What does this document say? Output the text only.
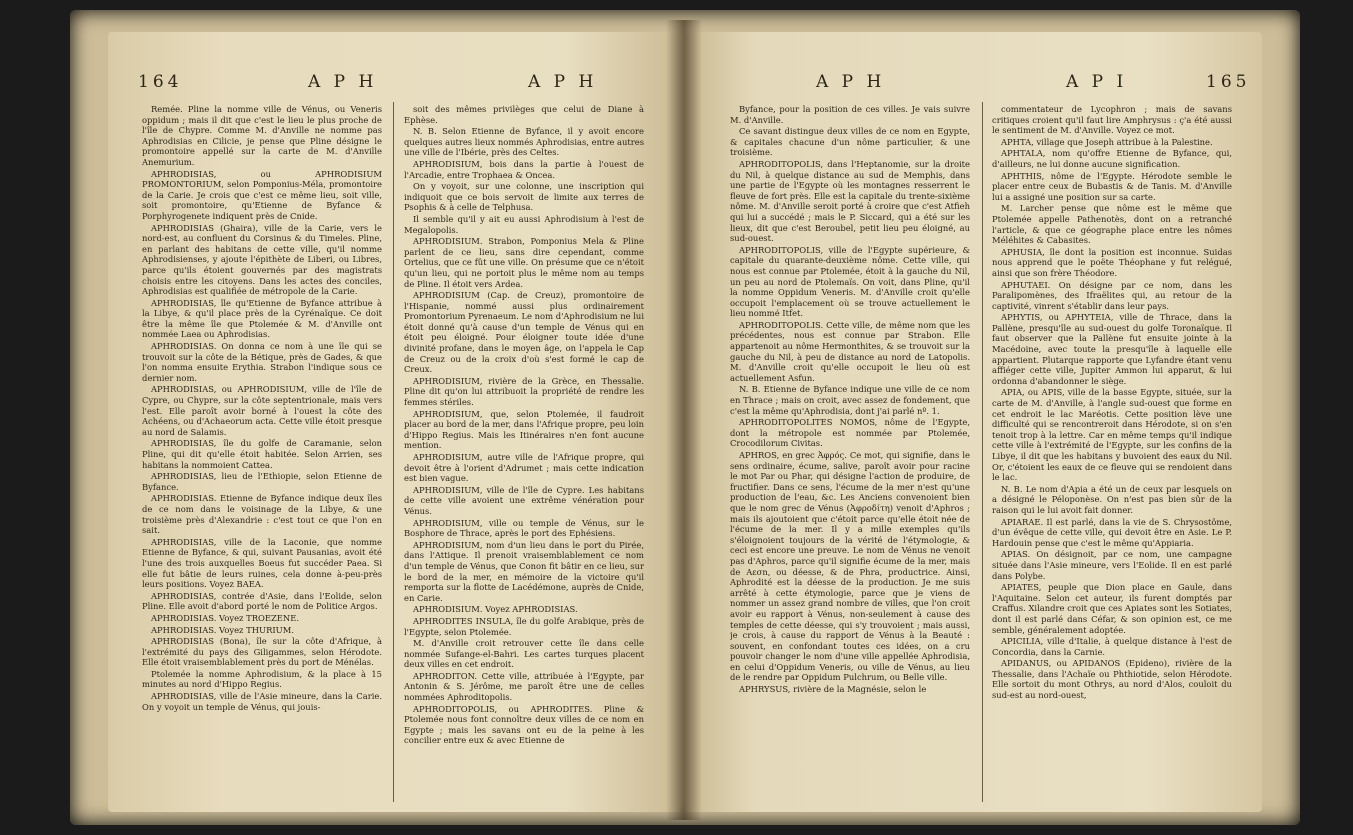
164	A P H	A P H

Remée. Pline la nomme ville de Vénus, ou Veneris oppidum ; mais il dit que c'est le lieu le plus proche de l'île de Chypre. Comme M. d'Anville ne nomme pas Aphrodisias en Cilicie, je pense que Pline désigne le promontoire appellé sur la carte de M. d'Anville Anemurium.

APHRODISIAS, ou APHRODISIUM PROMONTORIUM, selon Pomponius-Méla, promontoire de la Carie. Je crois que c'est ce même lieu, soit ville, soit promontoire, qu'Etienne de Byfance & Porphyrogenete indiquent près de Cnide.

APHRODISIAS (Ghaira), ville de la Carie, vers le nord-est, au confluent du Corsinus & du Timeles. Pline, en parlant des habitans de cette ville, qu'il nomme Aphrodisienses, y ajoute l'épithète de Liberi, ou Libres, parce qu'ils étoient gouvernés par des magistrats choisis entre les citoyens. Dans les actes des conciles, Aphrodisias est qualifiée de métropole de la Carie.

APHRODISIAS, île qu'Etienne de Byfance attribue à la Libye, & qu'il place près de la Cyrénaïque. Ce doit être la même île que Ptolemée & M. d'Anville ont nommée Laea ou Aphrodisias.

APHRODISIAS. On donna ce nom à une île qui se trouvoit sur la côte de la Bétique, près de Gades, & que l'on nomma ensuite Erythia. Strabon l'indique sous ce dernier nom.

APHRODISIAS, ou APHRODISIUM, ville de l'île de Cypre, ou Chypre, sur la côte septentrionale, mais vers l'est. Elle paroît avoir borné à l'ouest la côte des Achéens, ou d'Achaeorum acta. Cette ville étoit presque au nord de Salamis.

APHRODISIAS, île du golfe de Caramanie, selon Pline, qui dit qu'elle étoit habitée. Selon Arrien, ses habitans la nommoient Cattea.

APHRODISIAS, lieu de l'Ethiopie, selon Etienne de Byfance.

APHRODISIAS. Etienne de Byfance indique deux îles de ce nom dans le voisinage de la Libye, & une troisième près d'Alexandrie : c'est tout ce que l'on en sait.

APHRODISIAS, ville de la Laconie, que nomme Etienne de Byfance, & qui, suivant Pausanias, avoit été l'une des trois auxquelles Boeus fut succéder Paea. Si elle fut bâtie de leurs ruines, cela donne à-peu-près leurs positions. Voyez BAEA.

APHRODISIAS, contrée d'Asie, dans l'Eolide, selon Pline. Elle avoit d'abord porté le nom de Politice Argos.

APHRODISIAS. Voyez TROEZENE.

APHRODISIAS. Voyez THURIUM.

APHRODISIAS (Bona), île sur la côte d'Afrique, à l'extrémité du pays des Giligammes, selon Hérodote. Elle étoit vraisemblablement près du port de Ménélas.

Ptolemée la nomme Aphrodisium, & la place à 15 minutes au nord d'Hippo Regius.

APHRODISIAS, ville de l'Asie mineure, dans la Carie. On y voyoit un temple de Vénus, qui jouis-

soit des mêmes privilèges que celui de Diane à Ephèse.

N. B. Selon Etienne de Byfance, il y avoit encore quelques autres lieux nommés Aphrodisias, entre autres une ville de l'Ibérie, près des Celtes.

APHRODISIUM, bois dans la partie à l'ouest de l'Arcadie, entre Trophaea & Oncea.

On y voyoit, sur une colonne, une inscription qui indiquoit que ce bois servoit de limite aux terres de Psophis & à celle de Telphusa.

Il semble qu'il y ait eu aussi Aphrodisium à l'est de Megalopolis.

APHRODISIUM. Strabon, Pomponius Mela & Pline parlent de ce lieu, sans dire cependant, comme Ortelius, que ce fût une ville. On présume que ce n'étoit qu'un lieu, qui ne portoit plus le même nom au temps de Pline. Il étoit vers Ardea.

APHRODISIUM (Cap. de Creuz), promontoire de l'Hispanie, nommé aussi plus ordinairement Promontorium Pyrenaeum. Le nom d'Aphrodisium ne lui étoit donné qu'à cause d'un temple de Vénus qui en étoit peu éloigné. Pour éloigner toute idée d'une divinité profane, dans le moyen âge, on l'appela le Cap de Creuz ou de la croix d'où s'est formé le cap de Creux.

APHRODISIUM, rivière de la Grèce, en Thessalie. Pline dit qu'on lui attribuoit la propriété de rendre les femmes stériles.

APHRODISIUM, que, selon Ptolemée, il faudroit placer au bord de la mer, dans l'Afrique propre, peu loin d'Hippo Regius. Mais les Itinéraires n'en font aucune mention.

APHRODISIUM, autre ville de l'Afrique propre, qui devoit être à l'orient d'Adrumet ; mais cette indication est bien vague.

APHRODISIUM, ville de l'île de Cypre. Les habitans de cette ville avoient une extrême vénération pour Vénus.

APHRODISIUM, ville ou temple de Vénus, sur le Bosphore de Thrace, après le port des Ephésiens.

APHRODISIUM, nom d'un lieu dans le port du Pirée, dans l'Attique. Il prenoit vraisemblablement ce nom d'un temple de Vénus, que Conon fit bâtir en ce lieu, sur le bord de la mer, en mémoire de la victoire qu'il remporta sur la flotte de Lacédémone, auprès de Cnide, en Carie.

APHRODISIUM. Voyez APHRODISIAS.

APHRODITES INSULA, île du golfe Arabique, près de l'Egypte, selon Ptolemée.

M. d'Anville croit retrouver cette île dans celle nommée Sufange-el-Bahri. Les cartes turques placent deux villes en cet endroit.

APHRODITON. Cette ville, attribuée à l'Egypte, par Antonin & S. Jérôme, me paroît être une de celles nommées Aphroditopolis.

APHRODITOPOLIS, ou APHRODITES. Pline & Ptolemée nous font connoître deux villes de ce nom en Egypte ; mais les savans ont eu de la peine à les concilier entre eux & avec Etienne de

A P H	A P I	165

Byfance, pour la position de ces villes. Je vais suivre M. d'Anville.

Ce savant distingue deux villes de ce nom en Egypte, & capitales chacune d'un nôme particulier, & une troisième.

APHRODITOPOLIS, dans l'Heptanomie, sur la droite du Nil, à quelque distance au sud de Memphis, dans une partie de l'Egypte où les montagnes resserrent le fleuve de fort près. Elle est la capitale du trente-sixième nôme. M. d'Anville seroit porté à croire que c'est Atfieh qui lui a succédé ; mais le P. Siccard, qui a été sur les lieux, dit que c'est Beroubel, petit lieu peu éloigné, au sud-ouest.

APHRODITOPOLIS, ville de l'Egypte supérieure, & capitale du quarante-deuxième nôme. Cette ville, qui nous est connue par Ptolemée, étoit à la gauche du Nil, un peu au nord de Ptolemaïs. On voit, dans Pline, qu'il la nomme Oppidum Veneris. M. d'Anville croit qu'elle occupoit l'emplacement où se trouve actuellement le lieu nommé Itfet.

APHRODITOPOLIS. Cette ville, de même nom que les précédentes, nous est connue par Strabon. Elle appartenoit au nôme Hermonthites, & se trouvoit sur la gauche du Nil, à peu de distance au nord de Latopolis. M. d'Anville croit qu'elle occupoit le lieu où est actuellement Asfun.

N. B. Etienne de Byfance indique une ville de ce nom en Thrace ; mais on croit, avec assez de fondement, que c'est la même qu'Aphrodisia, dont j'ai parlé nº. 1.

APHRODITOPOLITES NOMOS, nôme de l'Egypte, dont la métropole est nommée par Ptolemée, Crocodilorum Civitas.

APHROS, en grec Ἀφρός. Ce mot, qui signifie, dans le sens ordinaire, écume, salive, paroît avoir pour racine le mot Par ou Phar, qui désigne l'action de produire, de fructifier. Dans ce sens, l'écume de la mer n'est qu'une production de l'eau, &c. Les Anciens convenoient bien que le nom grec de Vénus (Ἀφροδίτη) venoit d'Aphros ; mais ils ajoutoient que c'étoit parce qu'elle étoit née de l'écume de la mer. Il y a mille exemples qu'ils s'éloignoient toujours de la vérité de l'étymologie, & ceci est encore une preuve. Le nom de Vénus ne venoit pas d'Aphros, parce qu'il signifie écume de la mer, mais de Aεσn, ou déesse, & de Phra, productrice. Ainsi, Aphrodité est la déesse de la production. Je me suis arrêté à cette étymologie, parce que je viens de nommer un assez grand nombre de villes, que l'on croit avoir eu rapport à Vénus, non-seulement à cause des temples de cette déesse, qui s'y trouvoient ; mais aussi, je crois, à cause du rapport de Vénus à la Beauté : souvent, en confondant toutes ces idées, on a cru pouvoir changer le nom d'une ville appellée Aphrodisia, en celui d'Oppidum Veneris, ou ville de Vénus, au lieu de le rendre par Oppidum Pulchrum, ou Belle ville.

APHRYSUS, rivière de la Magnésie, selon le

commentateur de Lycophron ; mais de savans critiques croient qu'il faut lire Amphrysus : ç'a été aussi le sentiment de M. d'Anville. Voyez ce mot.

APHTA, village que Joseph attribue à la Palestine.

APHTALA, nom qu'offre Etienne de Byfance, qui, d'ailleurs, ne lui donne aucune signification.

APHTHIS, nôme de l'Egypte. Hérodote semble le placer entre ceux de Bubastis & de Tanis. M. d'Anville lui a assigné une position sur sa carte.

M. Larcher pense que nôme est le même que Ptolemée appelle Pathenotès, dont on a retranché l'article, & que ce géographe place entre les nômes Méléhites & Cabasites.

APHUSIA, île dont la position est inconnue. Suidas nous apprend que le poëte Théophane y fut relégué, ainsi que son frère Théodore.

APHUTAEI. On désigne par ce nom, dans les Paralipomènes, des Ifraëlites qui, au retour de la captivité, vinrent s'établir dans leur pays.

APHYTIS, ou APHYTEIA, ville de Thrace, dans la Pallène, presqu'île au sud-ouest du golfe Toronaïque. Il faut observer que la Pallène fut ensuite jointe à la Macédoine, avec toute la presqu'île à laquelle elle appartient. Plutarque rapporte que Lyfandre étant venu affiéger cette ville, Jupiter Ammon lui apparut, & lui ordonna d'abandonner le siège.

APIA, ou APIS, ville de la basse Egypte, située, sur la carte de M. d'Anville, à l'angle sud-ouest que forme en cet endroit le lac Maréotis. Cette position lève une difficulté qui se rencontreroit dans Hérodote, si on s'en tenoit trop à la lettre. Car en même temps qu'il indique cette ville à l'extrémité de l'Egypte, sur les confins de la Libye, il dit que les habitans y buvoient des eaux du Nil. Or, c'étoient les eaux de ce fleuve qui se rendoient dans le lac.

N. B. Le nom d'Apia a été un de ceux par lesquels on a désigné le Péloponèse. On n'est pas bien sûr de la raison qui le lui avoit fait donner.

APIARAE. Il est parlé, dans la vie de S. Chrysostôme, d'un évêque de cette ville, qui devoit être en Asie. Le P. Hardouin pense que c'est le même qu'Appiaria.

APIAS. On désignoit, par ce nom, une campagne située dans l'Asie mineure, vers l'Eolide. Il en est parlé dans Polybe.

APIATES, peuple que Dion place en Gaule, dans l'Aquitaine. Selon cet auteur, ils furent domptés par Craffus. Xilandre croit que ces Apiates sont les Sotiates, dont il est parlé dans Céfar, & son opinion est, ce me semble, généralement adoptée.

APICILIA, ville d'Italie, à quelque distance à l'est de Concordia, dans la Carnie.

APIDANUS, ou APIDANOS (Epideno), rivière de la Thessalie, dans l'Achaïe ou Phthiotide, selon Hérodote. Elle sortoit du mont Othrys, au nord d'Alos, couloit du sud-est au nord-ouest,
